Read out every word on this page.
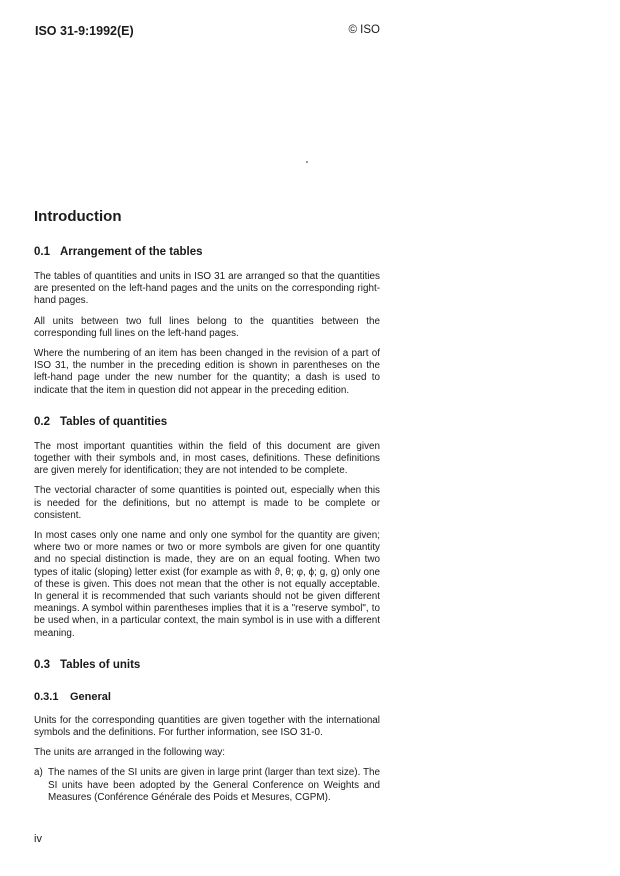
ISO 31-9:1992(E)	© ISO
Introduction
0.1 Arrangement of the tables

The tables of quantities and units in ISO 31 are arranged so that the quantities are presented on the left-hand pages and the units on the corresponding right-hand pages.

All units between two full lines belong to the quantities between the corresponding full lines on the left-hand pages.

Where the numbering of an item has been changed in the revision of a part of ISO 31, the number in the preceding edition is shown in parentheses on the left-hand page under the new number for the quantity; a dash is used to indicate that the item in question did not appear in the preceding edition.

0.2 Tables of quantities

The most important quantities within the field of this document are given together with their symbols and, in most cases, definitions. These definitions are given merely for identification; they are not intended to be complete.

The vectorial character of some quantities is pointed out, especially when this is needed for the definitions, but no attempt is made to be complete or consistent.

In most cases only one name and only one symbol for the quantity are given; where two or more names or two or more symbols are given for one quantity and no special distinction is made, they are on an equal footing. When two types of italic (sloping) letter exist (for example as with ϑ, θ; φ, ϕ; g, g) only one of these is given. This does not mean that the other is not equally acceptable. In general it is recommended that such variants should not be given different meanings. A symbol within parentheses implies that it is a "reserve symbol", to be used when, in a particular context, the main symbol is in use with a different meaning.

0.3 Tables of units
0.3.1 General

Units for the corresponding quantities are given together with the international symbols and the definitions. For further information, see ISO 31-0.

The units are arranged in the following way:

a) The names of the SI units are given in large print (larger than text size). The SI units have been adopted by the General Conference on Weights and Measures (Conférence Générale des Poids et Mesures, CGPM).
iv
